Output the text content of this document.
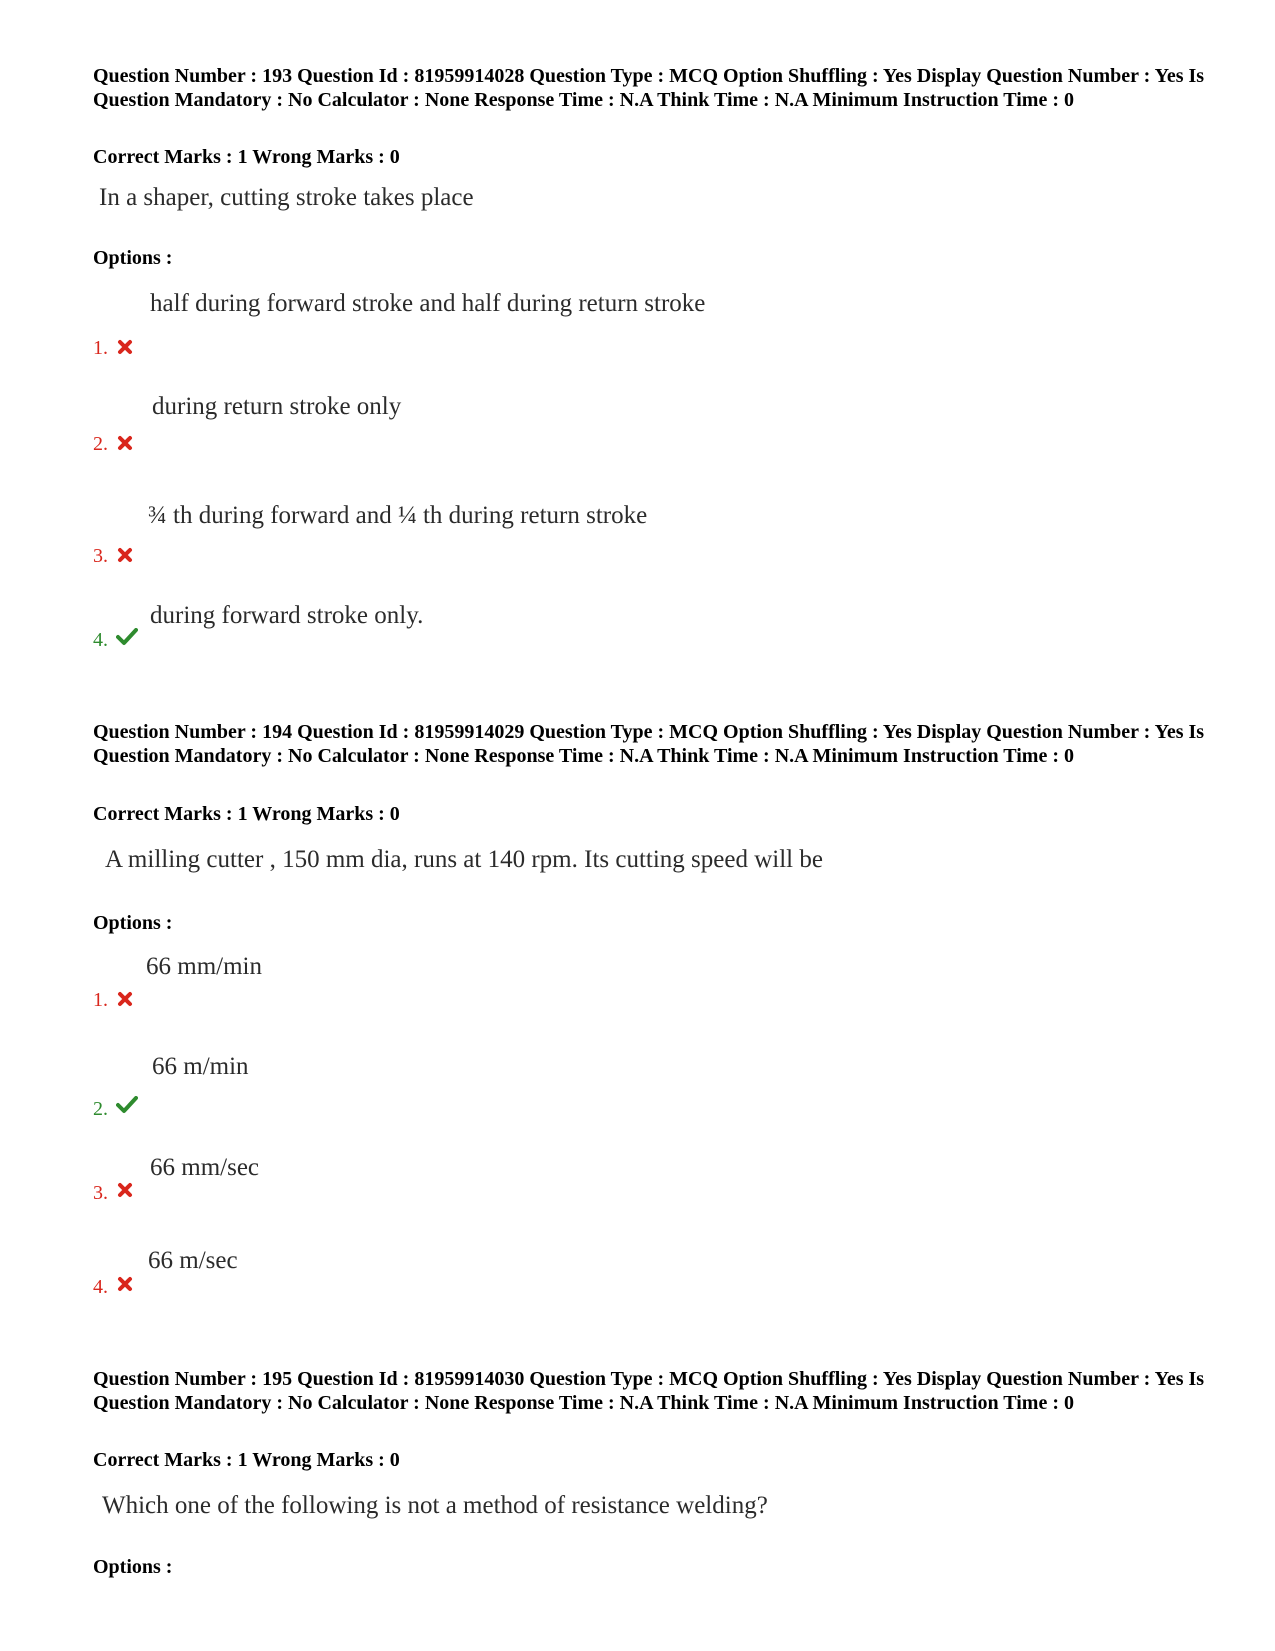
Question Number : 193 Question Id : 81959914028 Question Type : MCQ Option Shuffling : Yes Display Question Number : Yes Is Question Mandatory : No Calculator : None Response Time : N.A Think Time : N.A Minimum Instruction Time : 0
Correct Marks : 1 Wrong Marks : 0
In a shaper, cutting stroke takes place
Options :
half during forward stroke and half during return stroke
1.
during return stroke only
2.
¾ th during forward and ¼ th during return stroke
3.
during forward stroke only.
4.
Question Number : 194 Question Id : 81959914029 Question Type : MCQ Option Shuffling : Yes Display Question Number : Yes Is Question Mandatory : No Calculator : None Response Time : N.A Think Time : N.A Minimum Instruction Time : 0
Correct Marks : 1 Wrong Marks : 0
A milling cutter , 150 mm dia, runs at 140 rpm. Its cutting speed will be
Options :
66 mm/min
1.
66 m/min
2.
66 mm/sec
3.
66 m/sec
4.
Question Number : 195 Question Id : 81959914030 Question Type : MCQ Option Shuffling : Yes Display Question Number : Yes Is Question Mandatory : No Calculator : None Response Time : N.A Think Time : N.A Minimum Instruction Time : 0
Correct Marks : 1 Wrong Marks : 0
Which one of the following is not a method of resistance welding?
Options :
